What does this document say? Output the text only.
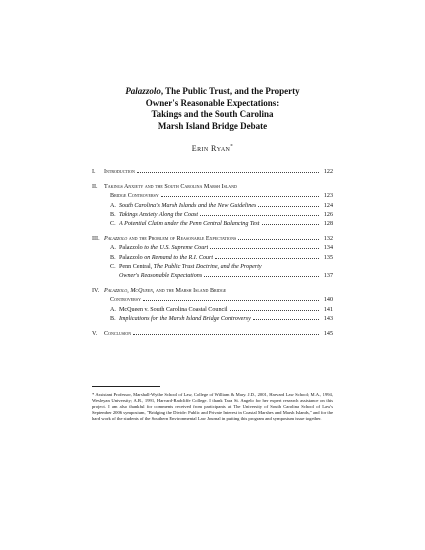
Palazzolo, The Public Trust, and the Property
Owner's Reasonable Expectations:
Takings and the South Carolina
Marsh Island Bridge Debate
Erin Ryan*
I.	Introduction	122
II.	Takings Anxiety and the South Carolina Marsh Island
Bridge Controversy	123
A. South Carolina's Marsh Islands and the New Guidelines	124
B. Takings Anxiety Along the Coast	126
C. A Potential Claim under the Penn Central Balancing Test	128
III. Palazzolo and the Problem of Reasonable Expectations	132
A. Palazzolo to the U.S. Supreme Court	134
B. Palazzolo on Remand to the R.I. Court	135
C. Penn Central, The Public Trust Doctrine, and the Property
Owner's Reasonable Expectations	137
IV. Palazzolo, McQueen, and the Marsh Island Bridge
Controversy	140
A. McQueen v. South Carolina Coastal Council	141
B. Implications for the Marsh Island Bridge Controversy	143
V.	Conclusion	145
* Assistant Professor, Marshall-Wythe School of Law, College of William & Mary. J.D., 2001, Harvard Law School; M.A., 1994, Wesleyan University; A.B., 1991, Harvard-Radcliffe College. I thank Tara St. Angelo for her expert research assistance on this project. I am also thankful for comments received from participants at The University of South Carolina School of Law's September 2006 symposium, "Bridging the Divide: Public and Private Interest in Coastal Marshes and Marsh Islands," and for the hard work of the students of the Southern Environmental Law Journal in putting this program and symposium issue together.
